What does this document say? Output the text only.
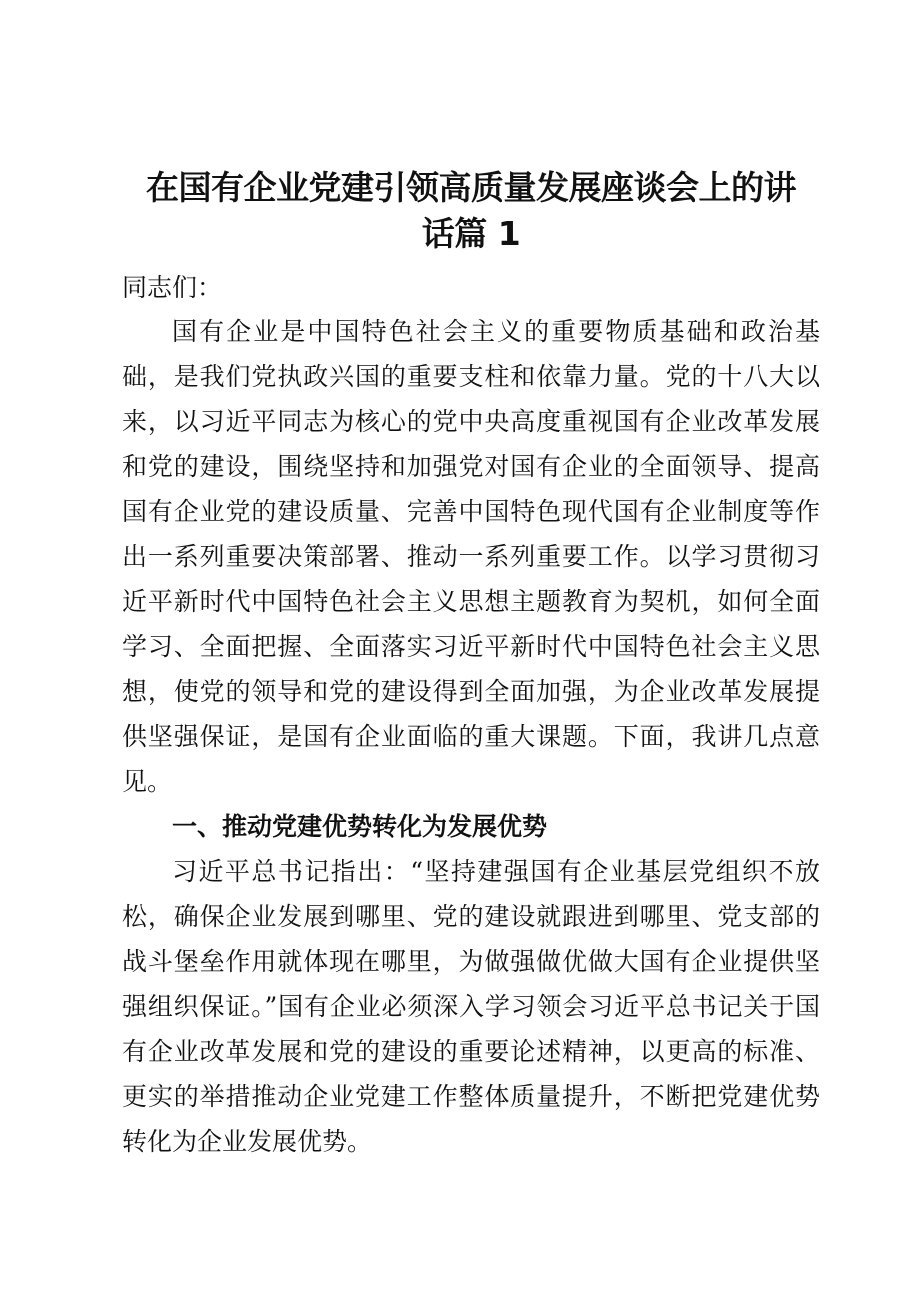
在国有企业党建引领高质量发展座谈会上的讲
话篇 1

同志们：

国有企业是中国特色社会主义的重要物质基础和政治基础，是我们党执政兴国的重要支柱和依靠力量。党的十八大以来，以习近平同志为核心的党中央高度重视国有企业改革发展和党的建设，围绕坚持和加强党对国有企业的全面领导、提高国有企业党的建设质量、完善中国特色现代国有企业制度等作出一系列重要决策部署、推动一系列重要工作。以学习贯彻习近平新时代中国特色社会主义思想主题教育为契机，如何全面学习、全面把握、全面落实习近平新时代中国特色社会主义思想，使党的领导和党的建设得到全面加强，为企业改革发展提供坚强保证，是国有企业面临的重大课题。下面，我讲几点意见。

一、推动党建优势转化为发展优势

习近平总书记指出：“坚持建强国有企业基层党组织不放松，确保企业发展到哪里、党的建设就跟进到哪里、党支部的战斗堡垒作用就体现在哪里，为做强做优做大国有企业提供坚强组织保证。”国有企业必须深入学习领会习近平总书记关于国有企业改革发展和党的建设的重要论述精神，以更高的标准、更实的举措推动企业党建工作整体质量提升，不断把党建优势转化为企业发展优势。
